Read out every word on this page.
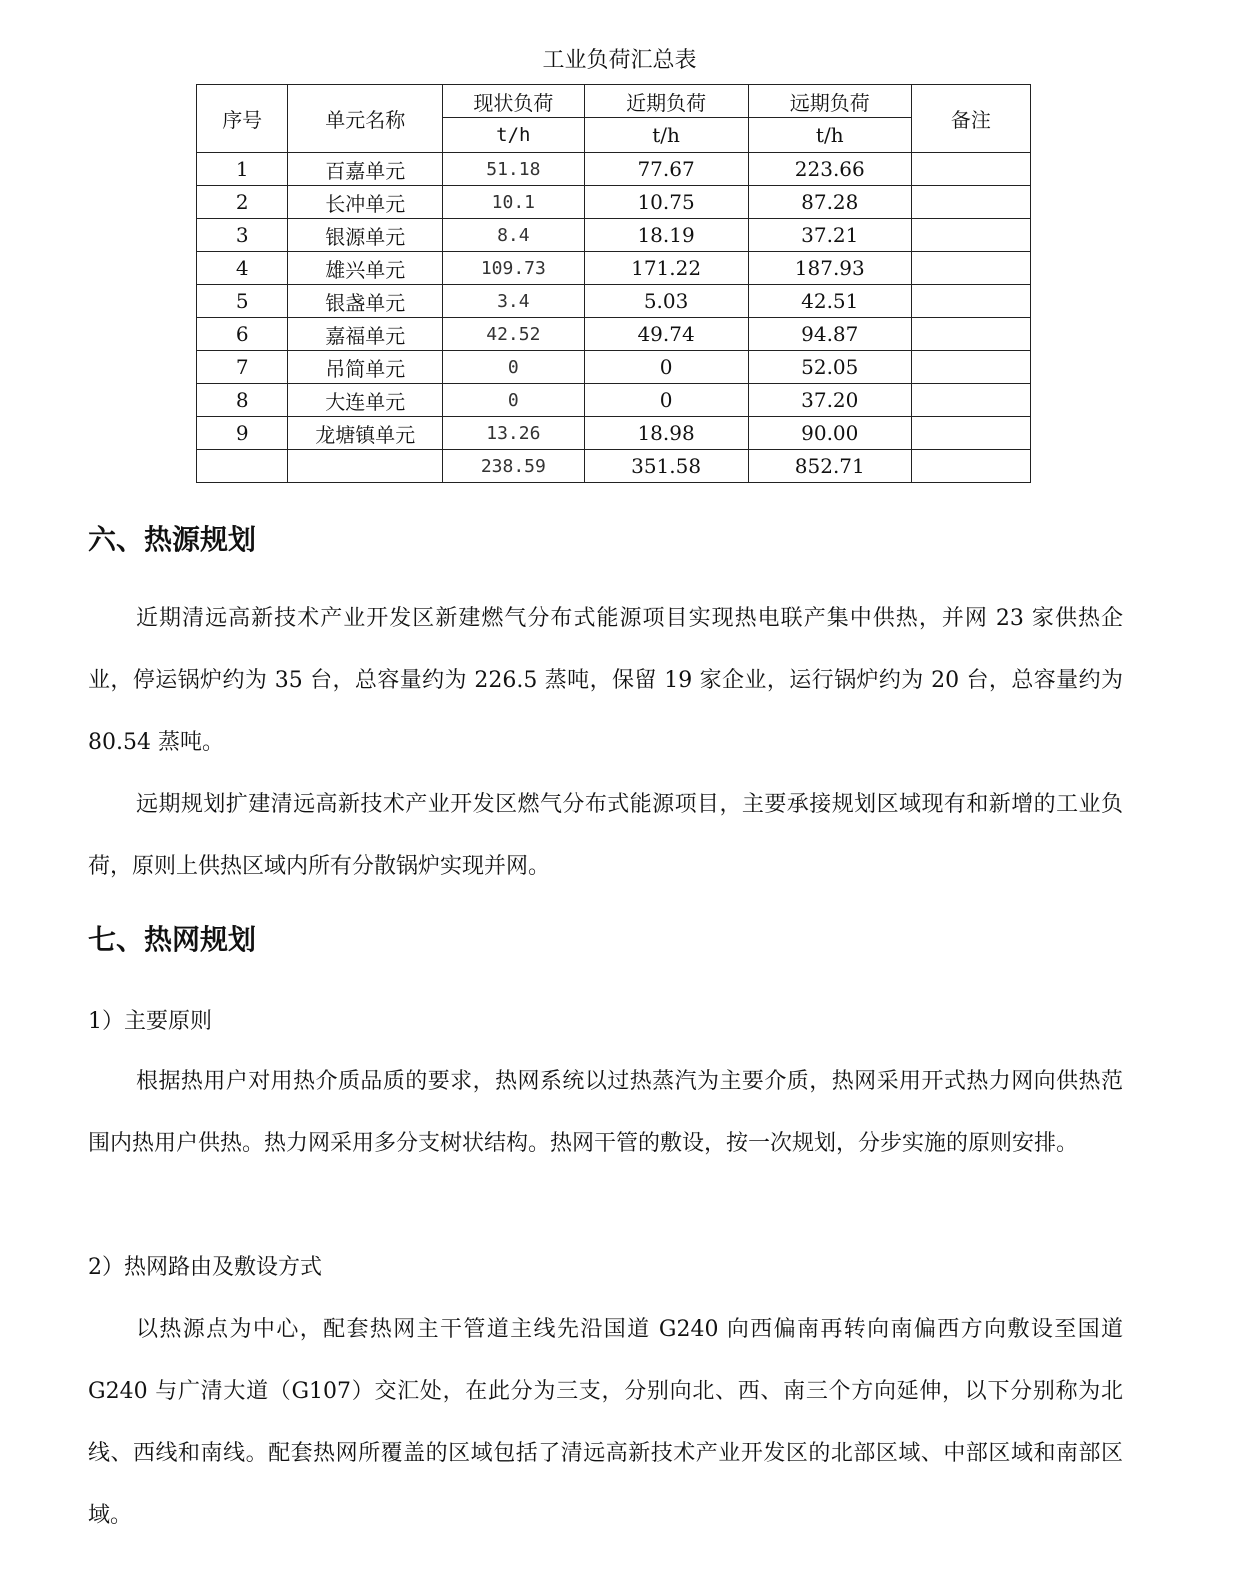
工业负荷汇总表
序号	单元名称	现状负荷	近期负荷	远期负荷	备注
		t/h	t/h	t/h	
1	百嘉单元	51.18	77.67	223.66	
2	长冲单元	10.1	10.75	87.28	
3	银源单元	8.4	18.19	37.21	
4	雄兴单元	109.73	171.22	187.93	
5	银盏单元	3.4	5.03	42.51	
6	嘉福单元	42.52	49.74	94.87	
7	吊简单元	0	0	52.05	
8	大连单元	0	0	37.20	
9	龙塘镇单元	13.26	18.98	90.00	
		238.59	351.58	852.71	
六、热源规划

近期清远高新技术产业开发区新建燃气分布式能源项目实现热电联产集中供热，并网 23 家供热企业，停运锅炉约为 35 台，总容量约为 226.5 蒸吨，保留 19 家企业，运行锅炉约为 20 台，总容量约为 80.54 蒸吨。

远期规划扩建清远高新技术产业开发区燃气分布式能源项目，主要承接规划区域现有和新增的工业负荷，原则上供热区域内所有分散锅炉实现并网。

七、热网规划

1）主要原则

根据热用户对用热介质品质的要求，热网系统以过热蒸汽为主要介质，热网采用开式热力网向供热范围内热用户供热。热力网采用多分支树状结构。热网干管的敷设，按一次规划，分步实施的原则安排。

2）热网路由及敷设方式

以热源点为中心，配套热网主干管道主线先沿国道 G240 向西偏南再转向南偏西方向敷设至国道 G240 与广清大道（G107）交汇处，在此分为三支，分别向北、西、南三个方向延伸，以下分别称为北线、西线和南线。配套热网所覆盖的区域包括了清远高新技术产业开发区的北部区域、中部区域和南部区域。
